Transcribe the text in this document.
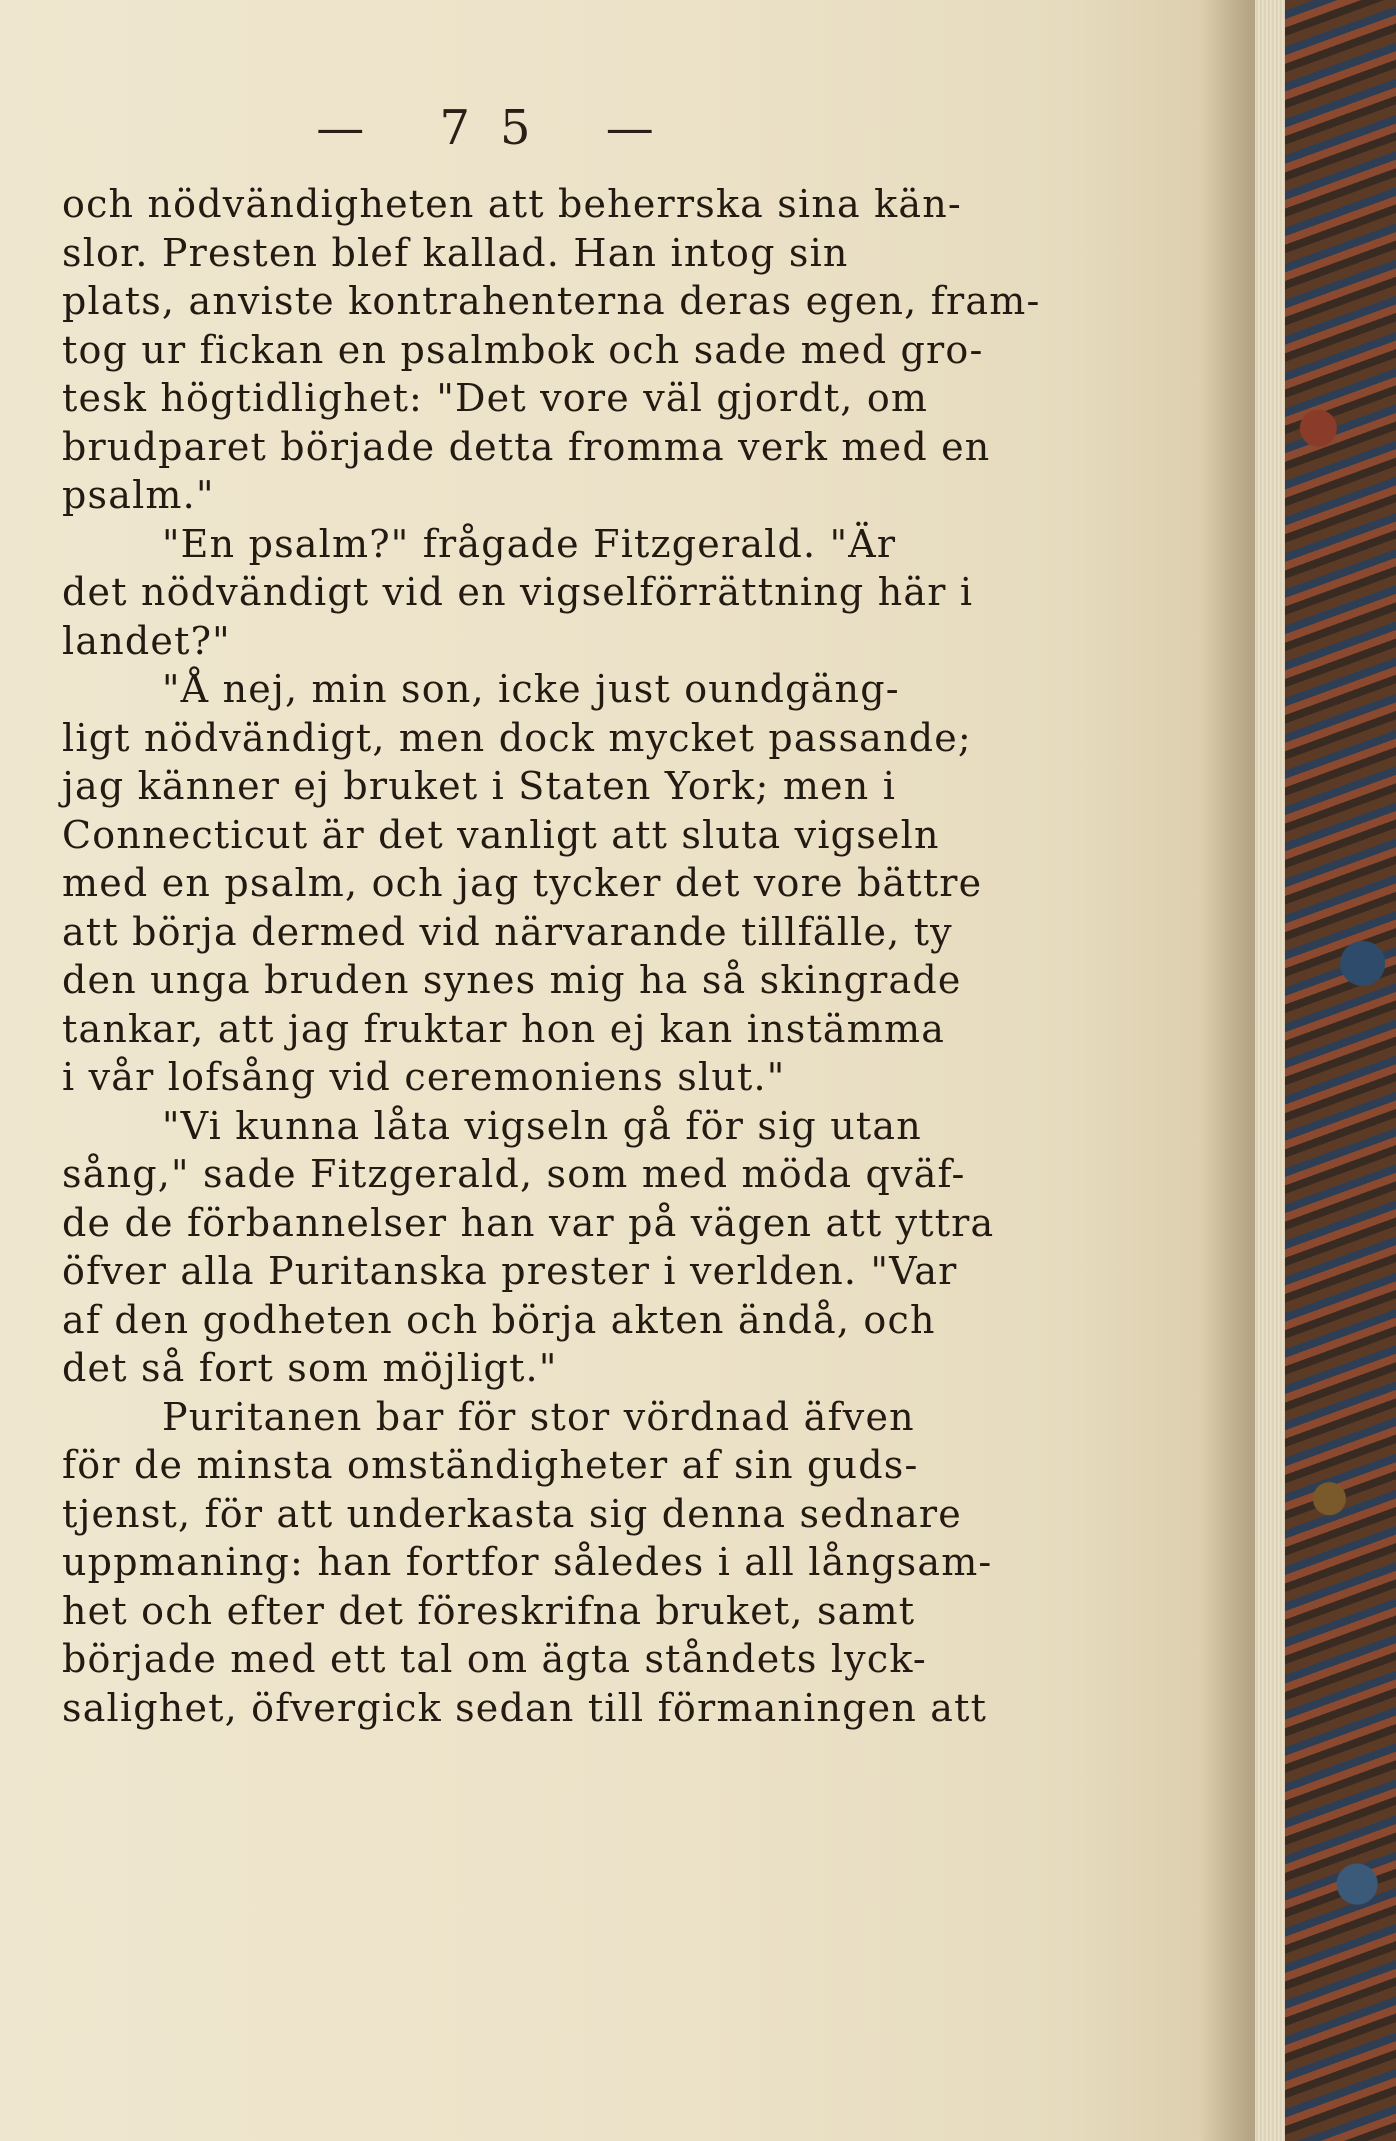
— 75 —
och nödvändigheten att beherrska sina kän-
slor. Presten blef kallad. Han intog sin
plats, anviste kontrahenterna deras egen, fram-
tog ur fickan en psalmbok och sade med gro-
tesk högtidlighet: "Det vore väl gjordt, om
brudparet började detta fromma verk med en
psalm."
"En psalm?" frågade Fitzgerald. "Är
det nödvändigt vid en vigselförrättning här i
landet?"
"Å nej, min son, icke just oundgäng-
ligt nödvändigt, men dock mycket passande;
jag känner ej bruket i Staten York; men i
Connecticut är det vanligt att sluta vigseln
med en psalm, och jag tycker det vore bättre
att börja dermed vid närvarande tillfälle, ty
den unga bruden synes mig ha så skingrade
tankar, att jag fruktar hon ej kan instämma
i vår lofsång vid ceremoniens slut."
"Vi kunna låta vigseln gå för sig utan
sång," sade Fitzgerald, som med möda qväf-
de de förbannelser han var på vägen att yttra
öfver alla Puritanska prester i verlden. "Var
af den godheten och börja akten ändå, och
det så fort som möjligt."
Puritanen bar för stor vördnad äfven
för de minsta omständigheter af sin guds-
tjenst, för att underkasta sig denna sednare
uppmaning: han fortfor således i all långsam-
het och efter det föreskrifna bruket, samt
började med ett tal om ägta ståndets lyck-
salighet, öfvergick sedan till förmaningen att
